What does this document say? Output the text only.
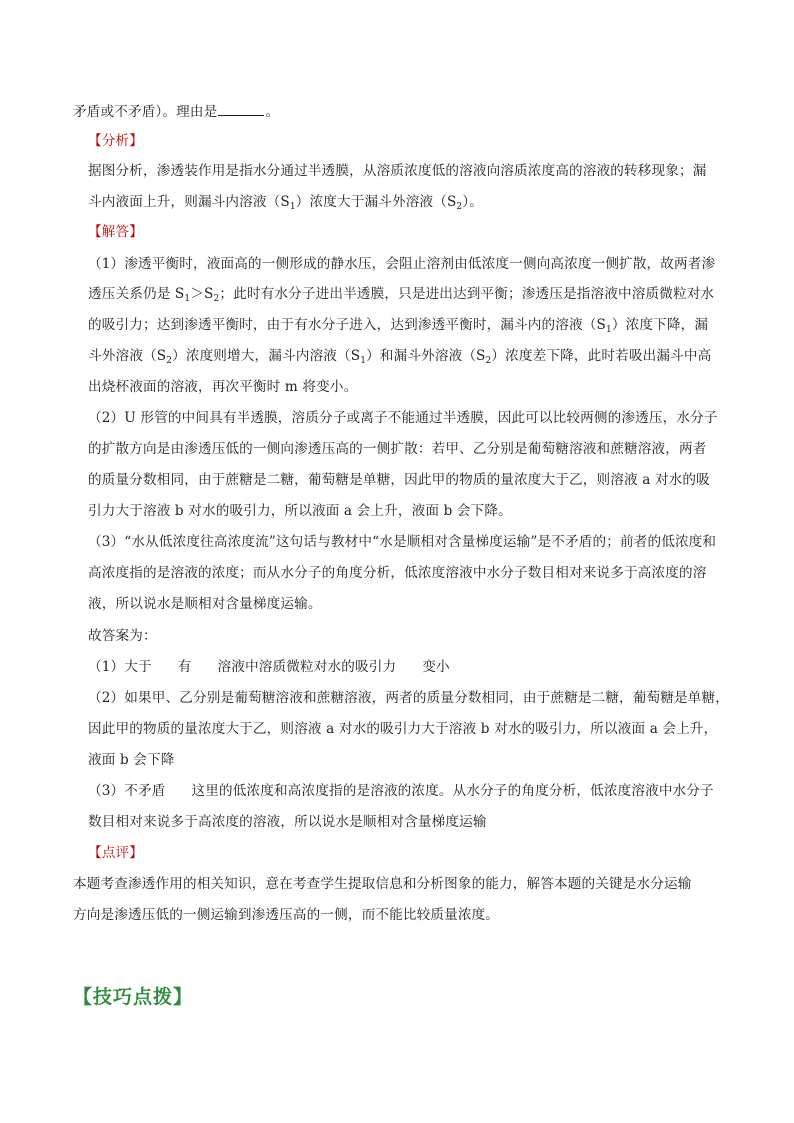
矛盾或不矛盾）。理由是	。
【分析】
据图分析，渗透装作用是指水分通过半透膜，从溶质浓度低的溶液向溶质浓度高的溶液的转移现象；漏
斗内液面上升，则漏斗内溶液$(S_1)$浓度大于漏斗外溶液$(S_2)$。
【解答】
（1）渗透平衡时，液面高的一侧形成的静水压，会阻止溶剂由低浓度一侧向高浓度一侧扩散，故两者渗
透压关系仍是 $S_1>S_2$；此时有水分子进出半透膜，只是进出达到平衡；渗透压是指溶液中溶质微粒对水
的吸引力；达到渗透平衡时，由于有水分子进入，达到渗透平衡时，漏斗内的溶液$(S_1)$浓度下降，漏
斗外溶液$(S_2)$浓度则增大，漏斗内溶液$(S_1)$和漏斗外溶液$(S_2)$浓度差下降，此时若吸出漏斗中高
出烧杯液面的溶液，再次平衡时 m 将变小。
（2）U 形管的中间具有半透膜，溶质分子或离子不能通过半透膜，因此可以比较两侧的渗透压，水分子
的扩散方向是由渗透压低的一侧向渗透压高的一侧扩散：若甲、乙分别是葡萄糖溶液和蔗糖溶液，两者
的质量分数相同，由于蔗糖是二糖，葡萄糖是单糖，因此甲的物质的量浓度大于乙，则溶液 a 对水的吸
引力大于溶液 b 对水的吸引力，所以液面 a 会上升，液面 b 会下降。
（3）“水从低浓度往高浓度流”这句话与教材中“水是顺相对含量梯度运输”是不矛盾的；前者的低浓度和
高浓度指的是溶液的浓度；而从水分子的角度分析，低浓度溶液中水分子数目相对来说多于高浓度的溶
液，所以说水是顺相对含量梯度运输。
故答案为：
（1）大于 有 溶液中溶质微粒对水的吸引力 变小
（2）如果甲、乙分别是葡萄糖溶液和蔗糖溶液，两者的质量分数相同，由于蔗糖是二糖，葡萄糖是单糖，
因此甲的物质的量浓度大于乙，则溶液 a 对水的吸引力大于溶液 b 对水的吸引力，所以液面 a 会上升，
液面 b 会下降
（3）不矛盾 这里的低浓度和高浓度指的是溶液的浓度。从水分子的角度分析，低浓度溶液中水分子
数目相对来说多于高浓度的溶液，所以说水是顺相对含量梯度运输
【点评】
本题考查渗透作用的相关知识，意在考查学生提取信息和分析图象的能力，解答本题的关键是水分运输
方向是渗透压低的一侧运输到渗透压高的一侧，而不能比较质量浓度。
【技巧点拨】
